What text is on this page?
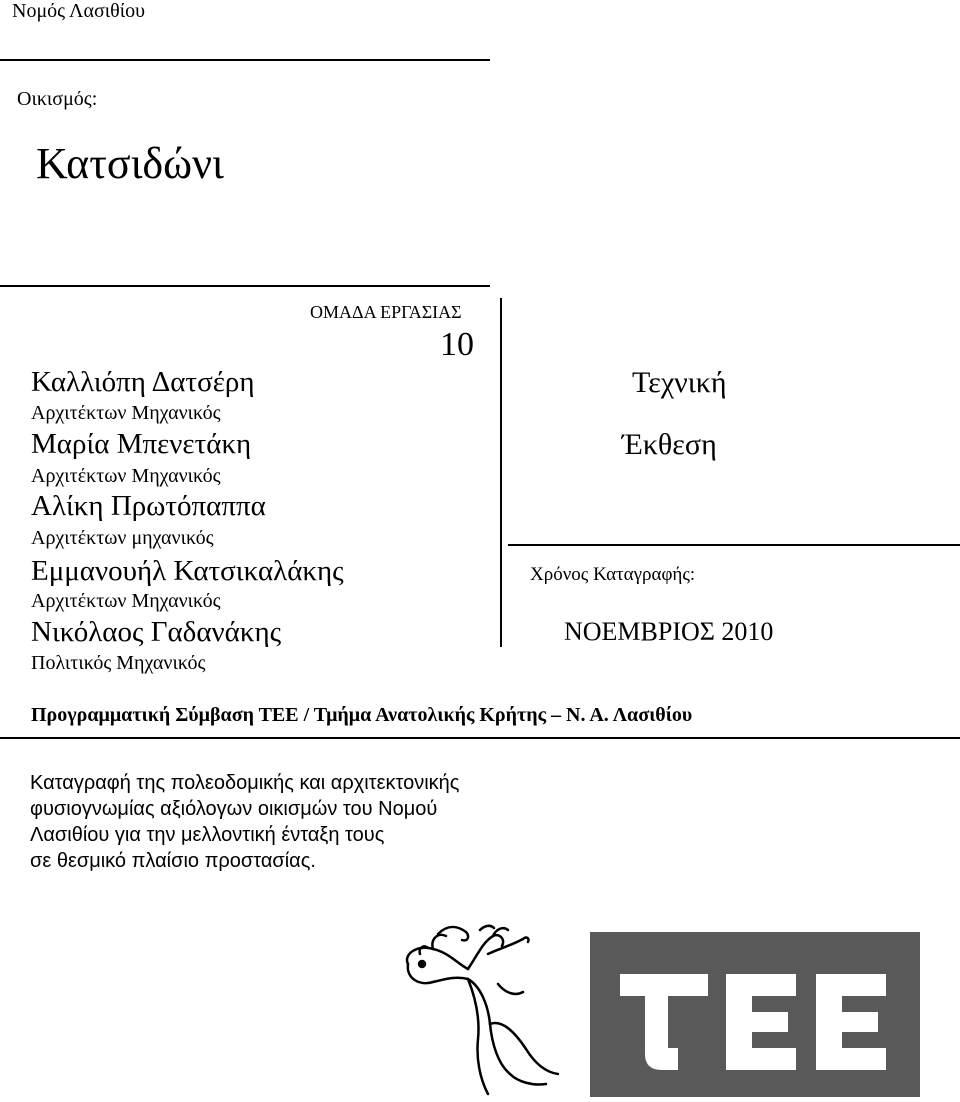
Νομός Λασιθίου
Οικισμός:
Κατσιδώνι
ΟΜΑΔΑ ΕΡΓΑΣΙΑΣ
10
Καλλιόπη Δατσέρη
Αρχιτέκτων Μηχανικός
Μαρία Μπενετάκη
Αρχιτέκτων Μηχανικός
Αλίκη Πρωτόπαππα
Αρχιτέκτων μηχανικός
Εμμανουήλ Κατσικαλάκης
Αρχιτέκτων Μηχανικός
Νικόλαος Γαδανάκης
Πολιτικός Μηχανικός
Τεχνική
Έκθεση
Χρόνος Καταγραφής:
ΝΟΕΜΒΡΙΟΣ 2010
Προγραμματική Σύμβαση ΤΕΕ / Τμήμα Ανατολικής Κρήτης – Ν. Α. Λασιθίου
Καταγραφή της πολεοδομικής και αρχιτεκτονικής
φυσιογνωμίας αξιόλογων οικισμών του Νομού
Λασιθίου για την μελλοντική ένταξη τους
σε θεσμικό πλαίσιο προστασίας.
